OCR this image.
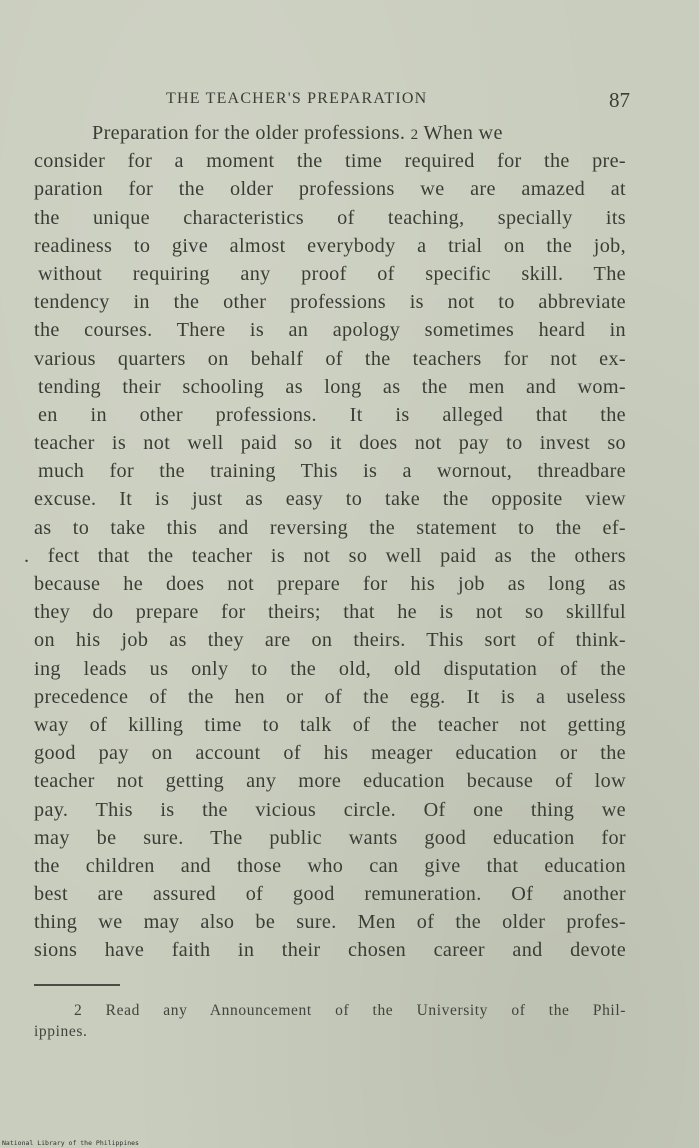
THE TEACHER'S PREPARATION	87
Preparation for the older professions. 2 When we
consider for a moment the time required for the pre-
paration for the older professions we are amazed at
the unique characteristics of teaching, specially its
readiness to give almost everybody a trial on the job,
without requiring any proof of specific skill. The
tendency in the other professions is not to abbreviate
the courses. There is an apology sometimes heard in
various quarters on behalf of the teachers for not ex-
tending their schooling as long as the men and wom-
en in other professions. It is alleged that the
teacher is not well paid so it does not pay to invest so
much for the training This is a wornout, threadbare
excuse. It is just as easy to take the opposite view
as to take this and reversing the statement to the ef-
. fect that the teacher is not so well paid as the others
because he does not prepare for his job as long as
they do prepare for theirs; that he is not so skillful
on his job as they are on theirs. This sort of think-
ing leads us only to the old, old disputation of the
precedence of the hen or of the egg. It is a useless
way of killing time to talk of the teacher not getting
good pay on account of his meager education or the
teacher not getting any more education because of low
pay. This is the vicious circle. Of one thing we
may be sure. The public wants good education for
the children and those who can give that education
best are assured of good remuneration. Of another
thing we may also be sure. Men of the older profes-
sions have faith in their chosen career and devote
2 Read any Announcement of the University of the Phil-
ippines.
National Library of the Philippines
